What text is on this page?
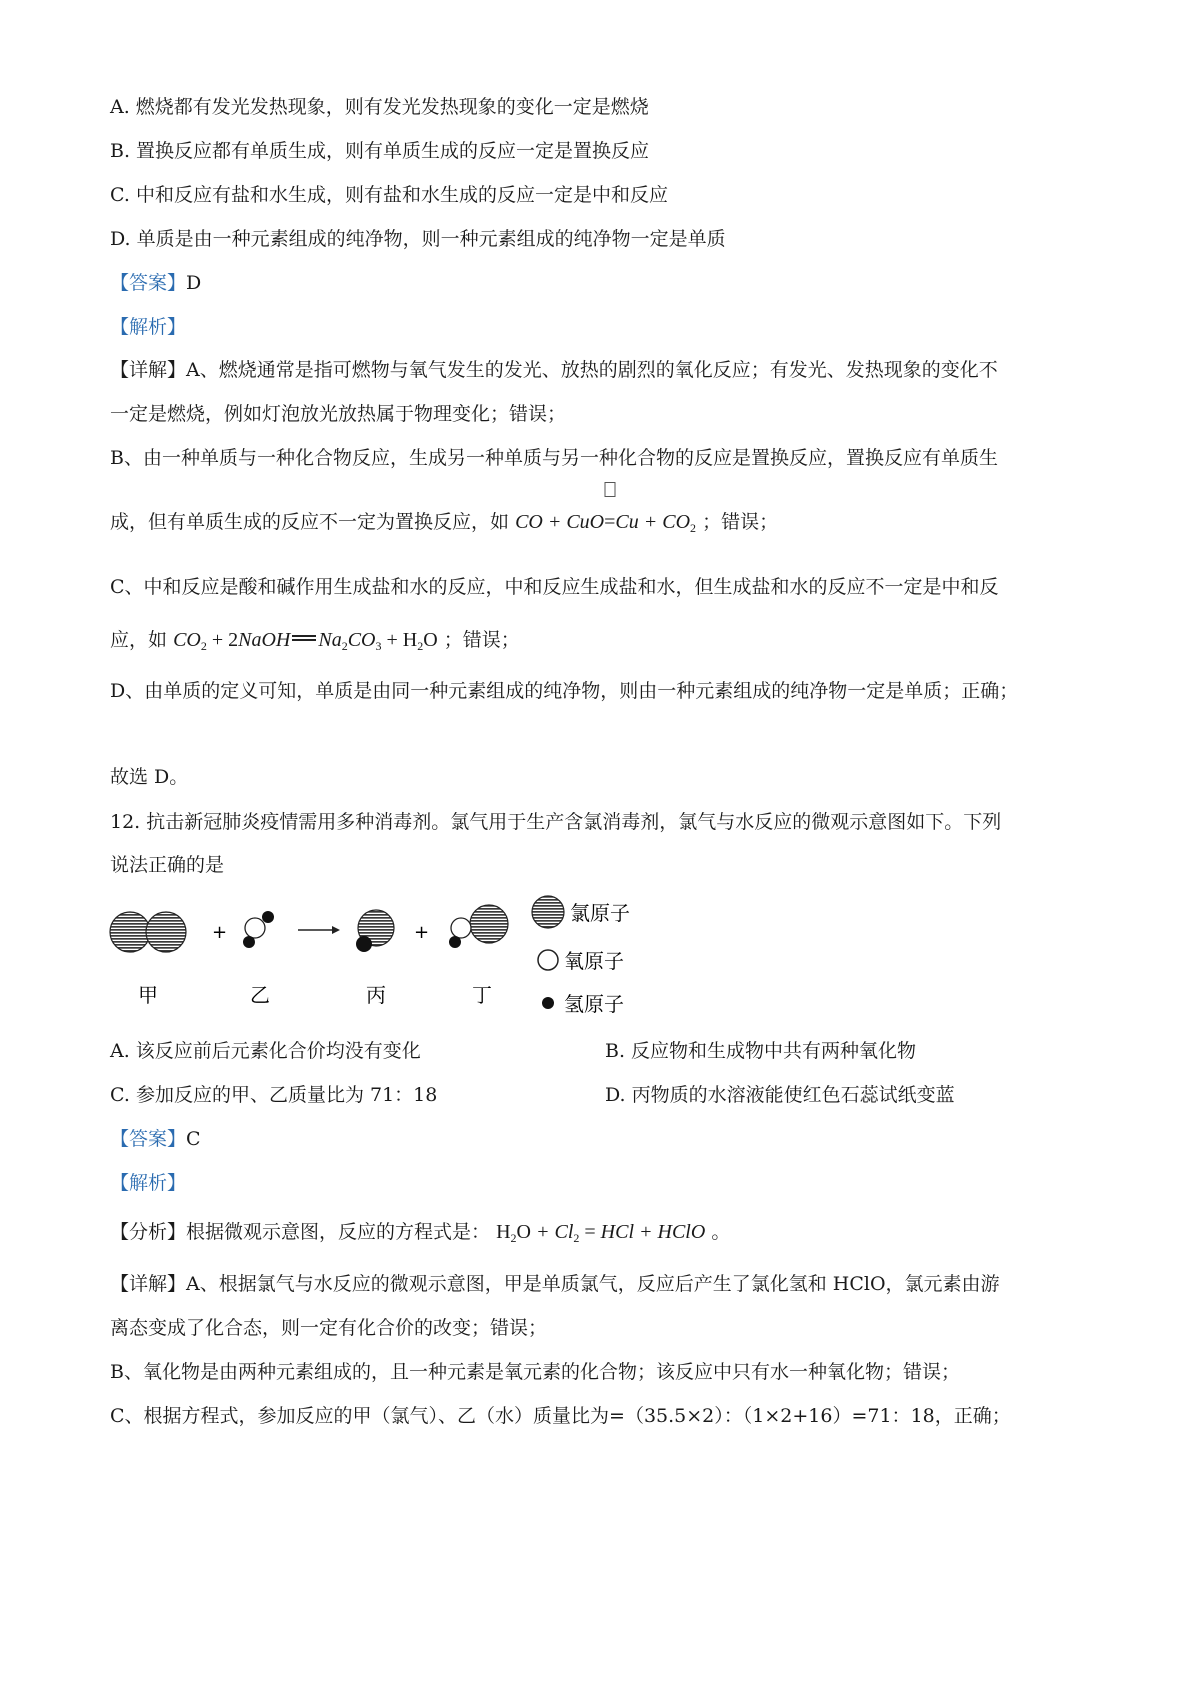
A. 燃烧都有发光发热现象，则有发光发热现象的变化一定是燃烧
B. 置换反应都有单质生成，则有单质生成的反应一定是置换反应
C. 中和反应有盐和水生成，则有盐和水生成的反应一定是中和反应
D. 单质是由一种元素组成的纯净物，则一种元素组成的纯净物一定是单质
【答案】D
【解析】
【详解】A、燃烧通常是指可燃物与氧气发生的发光、放热的剧烈的氧化反应；有发光、发热现象的变化不
一定是燃烧，例如灯泡放光放热属于物理变化；错误；
B、由一种单质与一种化合物反应，生成另一种单质与另一种化合物的反应是置换反应，置换反应有单质生
成，但有单质生成的反应不一定为置换反应，如 CO + CuO
$=Cu + CO_2$ ；错误；
C、中和反应是酸和碱作用生成盐和水的反应，中和反应生成盐和水，但生成盐和水的反应不一定是中和反
应，如 $CO_2$ + 2NaOH $Na_2CO_3 + H_2O$ ；错误；
D、由单质的定义可知，单质是由同一种元素组成的纯净物，则由一种元素组成的纯净物一定是单质；正确；
故选 D。
12. 抗击新冠肺炎疫情需用多种消毒剂。氯气用于生产含氯消毒剂，氯气与水反应的微观示意图如下。下列
说法正确的是
+	+
甲	乙	丙	丁
氯原子
氧原子
氢原子
A. 该反应前后元素化合价均没有变化	B. 反应物和生成物中共有两种氧化物
C. 参加反应的甲、乙质量比为 71：18	D. 丙物质的水溶液能使红色石蕊试纸变蓝
【答案】C
【解析】
【分析】根据微观示意图，反应的方程式是： $H_2O + Cl_2$ = HCl + HClO 。
【详解】A、根据氯气与水反应的微观示意图，甲是单质氯气，反应后产生了氯化氢和 HClO，氯元素由游
离态变成了化合态，则一定有化合价的改变；错误；
B、氧化物是由两种元素组成的，且一种元素是氧元素的化合物；该反应中只有水一种氧化物；错误；
C、根据方程式，参加反应的甲（氯气）、乙（水）质量比为=（35.5×2）：（1×2+16）=71：18，正确；
